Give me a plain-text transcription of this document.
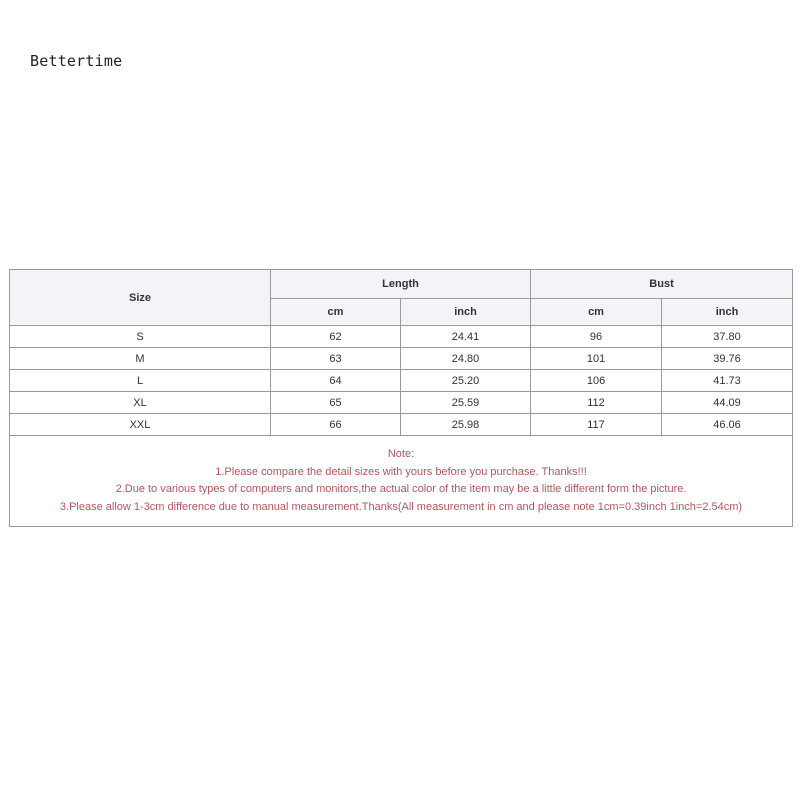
Bettertime
Size	Length		Bust	
	cm	inch	cm	inch
S	62	24.41	96	37.80
M	63	24.80	101	39.76
L	64	25.20	106	41.73
XL	65	25.59	112	44.09
XXL	66	25.98	117	46.06

Note:
1.Please compare the detail sizes with yours before you purchase. Thanks!!!
2.Due to various types of computers and monitors,the actual color of the item may be a little different form the picture.
3.Please allow 1-3cm difference due to manual measurement.Thanks(All measurement in cm and please note 1cm=0.39inch 1inch=2.54cm)				
